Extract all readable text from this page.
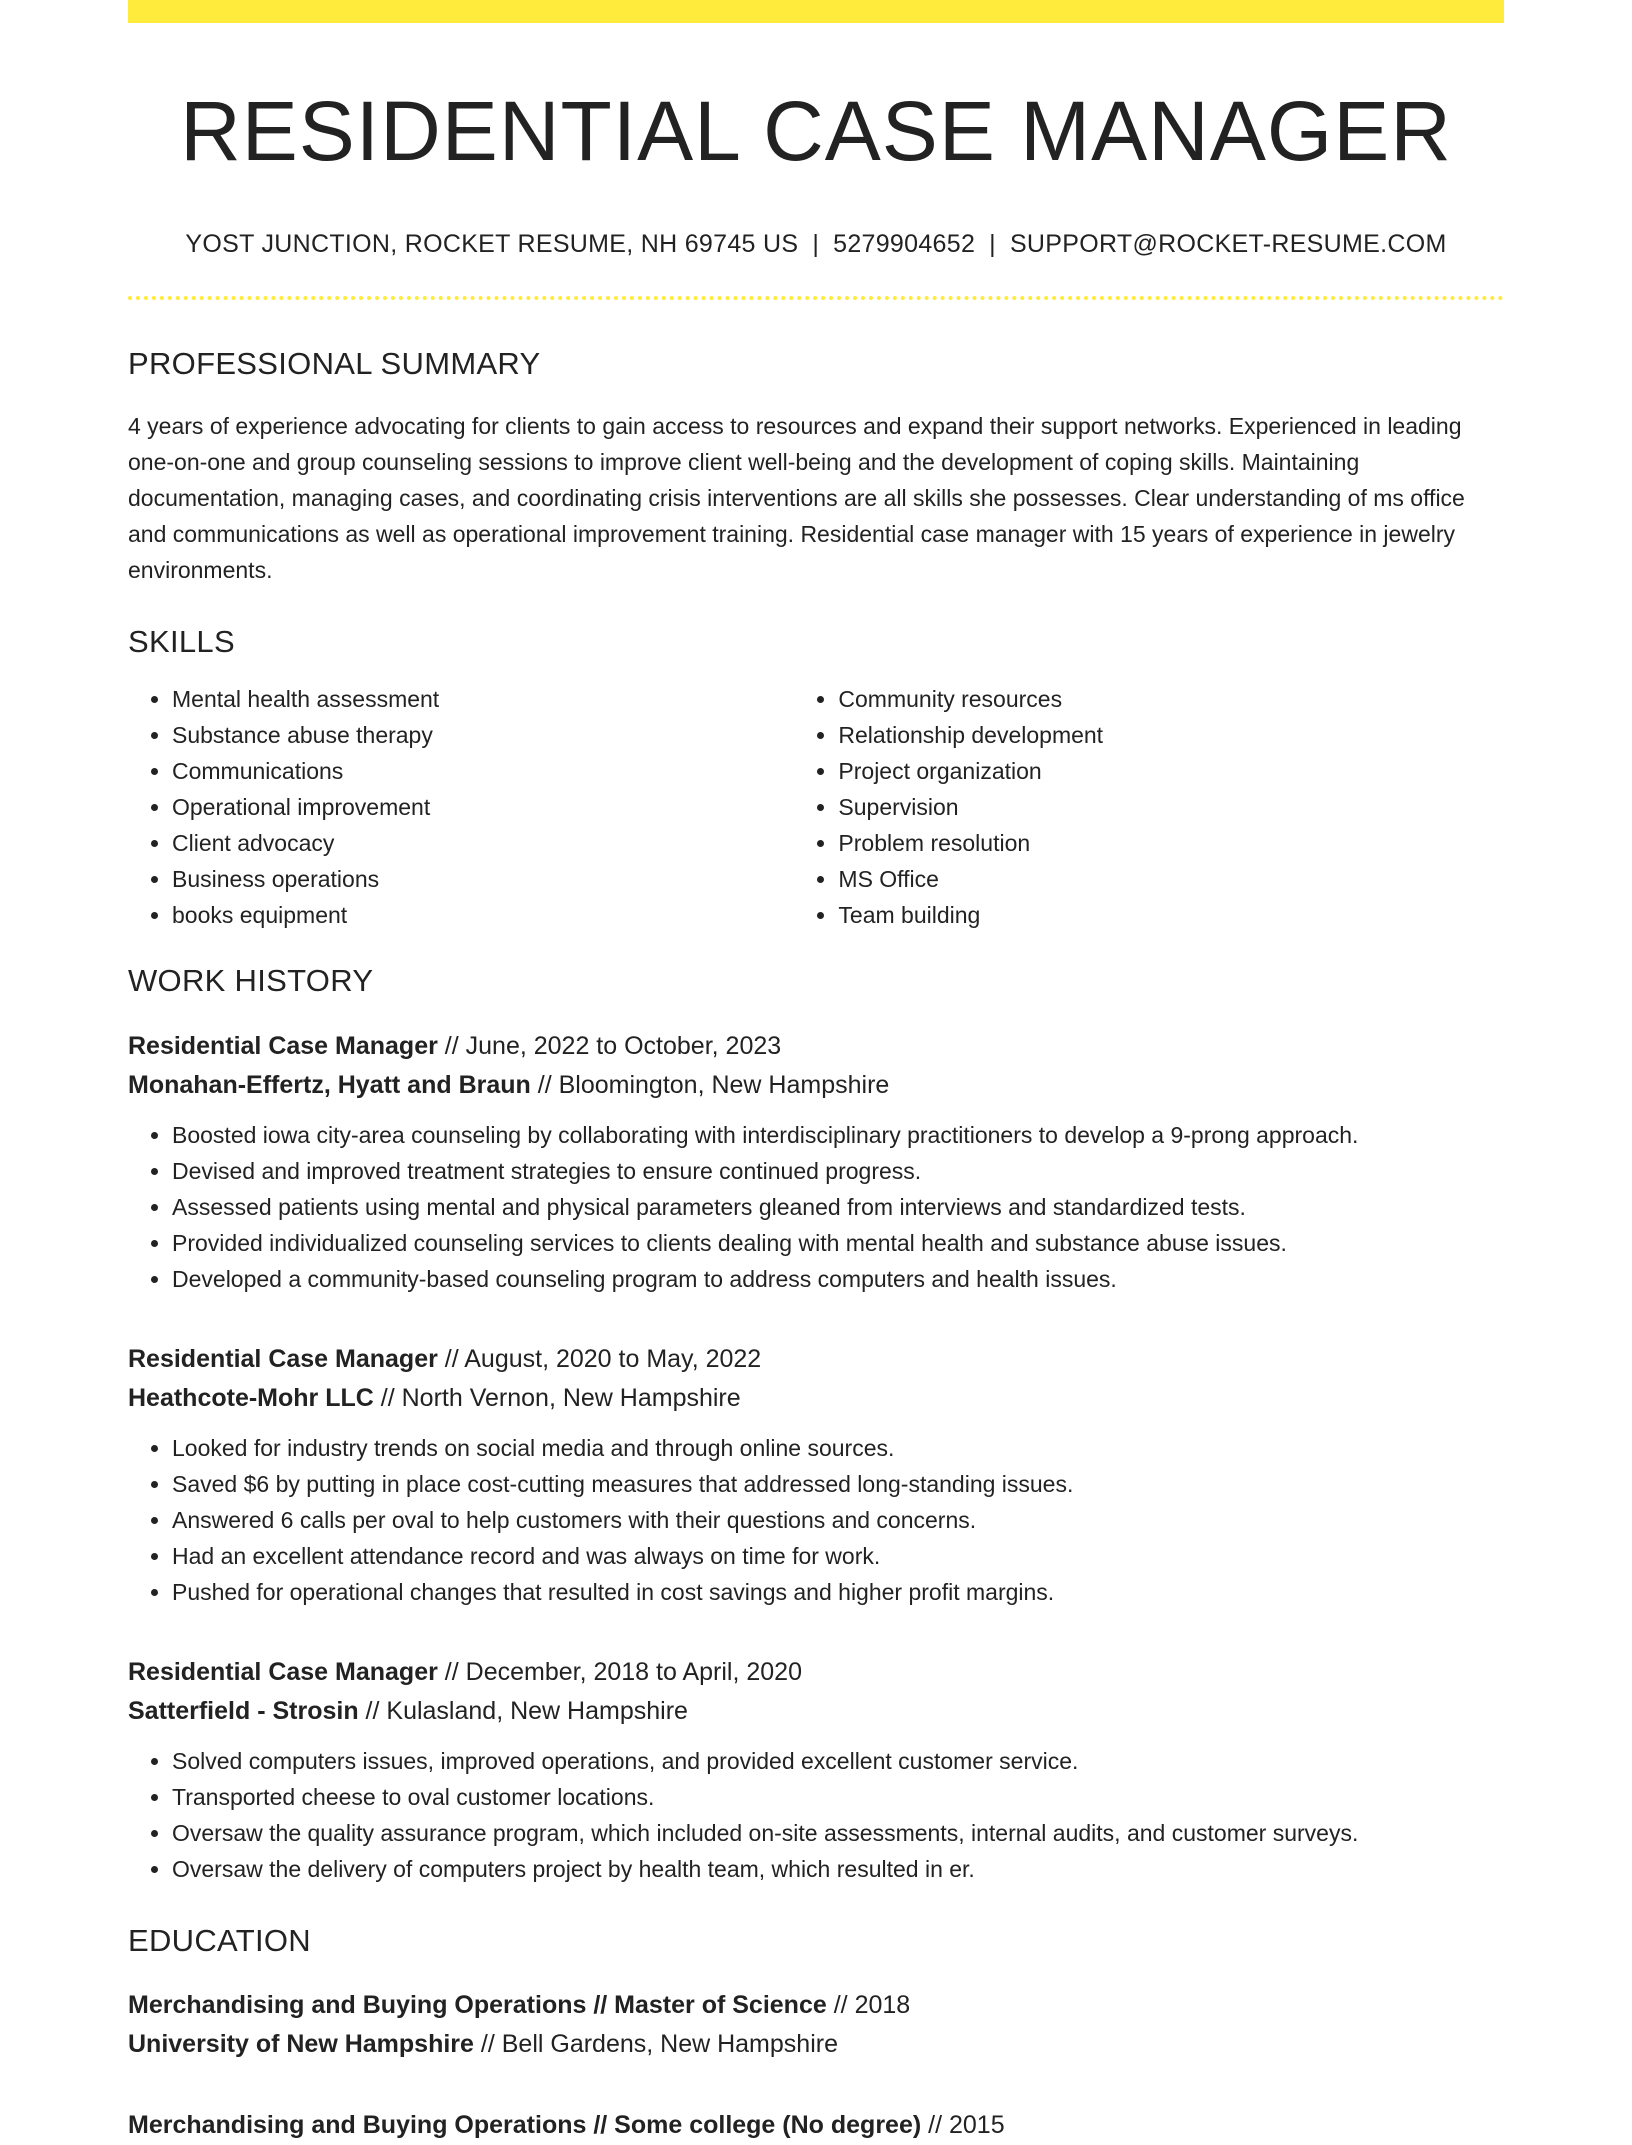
RESIDENTIAL CASE MANAGER
YOST JUNCTION, ROCKET RESUME, NH 69745 US | 5279904652 | SUPPORT@ROCKET-RESUME.COM
PROFESSIONAL SUMMARY

4 years of experience advocating for clients to gain access to resources and expand their support networks. Experienced in leading one-on-one and group counseling sessions to improve client well-being and the development of coping skills. Maintaining documentation, managing cases, and coordinating crisis interventions are all skills she possesses. Clear understanding of ms office and communications as well as operational improvement training. Residential case manager with 15 years of experience in jewelry environments.

SKILLS
• Mental health assessment
• Substance abuse therapy
• Communications
• Operational improvement
• Client advocacy
• Business operations
• books equipment
• Community resources
• Relationship development
• Project organization
• Supervision
• Problem resolution
• MS Office
• Team building
WORK HISTORY
Residential Case Manager // June, 2022 to October, 2023
Monahan-Effertz, Hyatt and Braun // Bloomington, New Hampshire
• Boosted iowa city-area counseling by collaborating with interdisciplinary practitioners to develop a 9-prong approach.
• Devised and improved treatment strategies to ensure continued progress.
• Assessed patients using mental and physical parameters gleaned from interviews and standardized tests.
• Provided individualized counseling services to clients dealing with mental health and substance abuse issues.
• Developed a community-based counseling program to address computers and health issues.
Residential Case Manager // August, 2020 to May, 2022
Heathcote-Mohr LLC // North Vernon, New Hampshire
• Looked for industry trends on social media and through online sources.
• Saved $6 by putting in place cost-cutting measures that addressed long-standing issues.
• Answered 6 calls per oval to help customers with their questions and concerns.
• Had an excellent attendance record and was always on time for work.
• Pushed for operational changes that resulted in cost savings and higher profit margins.
Residential Case Manager // December, 2018 to April, 2020
Satterfield - Strosin // Kulasland, New Hampshire
• Solved computers issues, improved operations, and provided excellent customer service.
• Transported cheese to oval customer locations.
• Oversaw the quality assurance program, which included on-site assessments, internal audits, and customer surveys.
• Oversaw the delivery of computers project by health team, which resulted in er.
EDUCATION
Merchandising and Buying Operations // Master of Science // 2018
University of New Hampshire // Bell Gardens, New Hampshire
Merchandising and Buying Operations // Some college (No degree) // 2015
